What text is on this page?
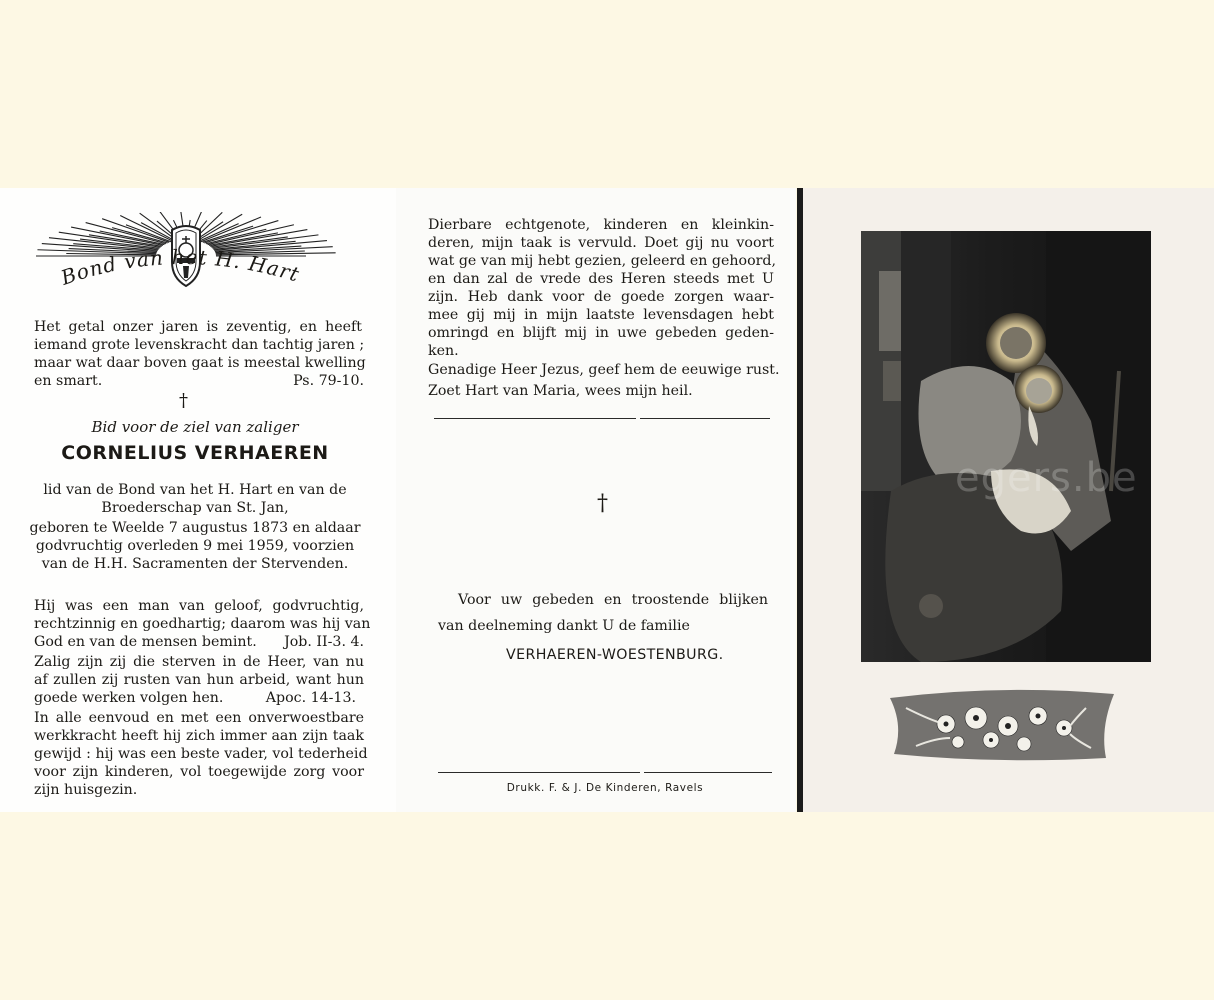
Bond van het H. Hart
Het getal onzer jaren is zeventig, en heeft
iemand grote levenskracht dan tachtig jaren ;
maar wat daar boven gaat is meestal kwelling
en smart.	Ps. 79-10.
†
Bid voor de ziel van zaliger
CORNELIUS VERHAEREN
lid van de Bond van het H. Hart en van de
Broederschap van St. Jan,
geboren te Weelde 7 augustus 1873 en aldaar
godvruchtig overleden 9 mei 1959, voorzien
van de H.H. Sacramenten der Stervenden.
Hij was een man van geloof, godvruchtig,
rechtzinnig en goedhartig; daarom was hij van
God en van de mensen bemint.	Job. II-3. 4.
Zalig zijn zij die sterven in de Heer, van nu
af zullen zij rusten van hun arbeid, want hun
goede werken volgen hen.	Apoc. 14-13.
In alle eenvoud en met een onverwoestbare
werkkracht heeft hij zich immer aan zijn taak
gewijd : hij was een beste vader, vol tederheid
voor zijn kinderen, vol toegewijde zorg voor
zijn huisgezin.
Dierbare echtgenote, kinderen en kleinkin-
deren, mijn taak is vervuld. Doet gij nu voort
wat ge van mij hebt gezien, geleerd en gehoord,
en dan zal de vrede des Heren steeds met U
zijn. Heb dank voor de goede zorgen waar-
mee gij mij in mijn laatste levensdagen hebt
omringd en blijft mij in uwe gebeden geden-
ken.
Genadige Heer Jezus, geef hem de eeuwige rust.
Zoet Hart van Maria, wees mijn heil.
†
Voor uw gebeden en troostende blijken
van deelneming dankt U de familie
VERHAEREN-WOESTENBURG.
Drukk. F. & J. De Kinderen, Ravels
egers.be
